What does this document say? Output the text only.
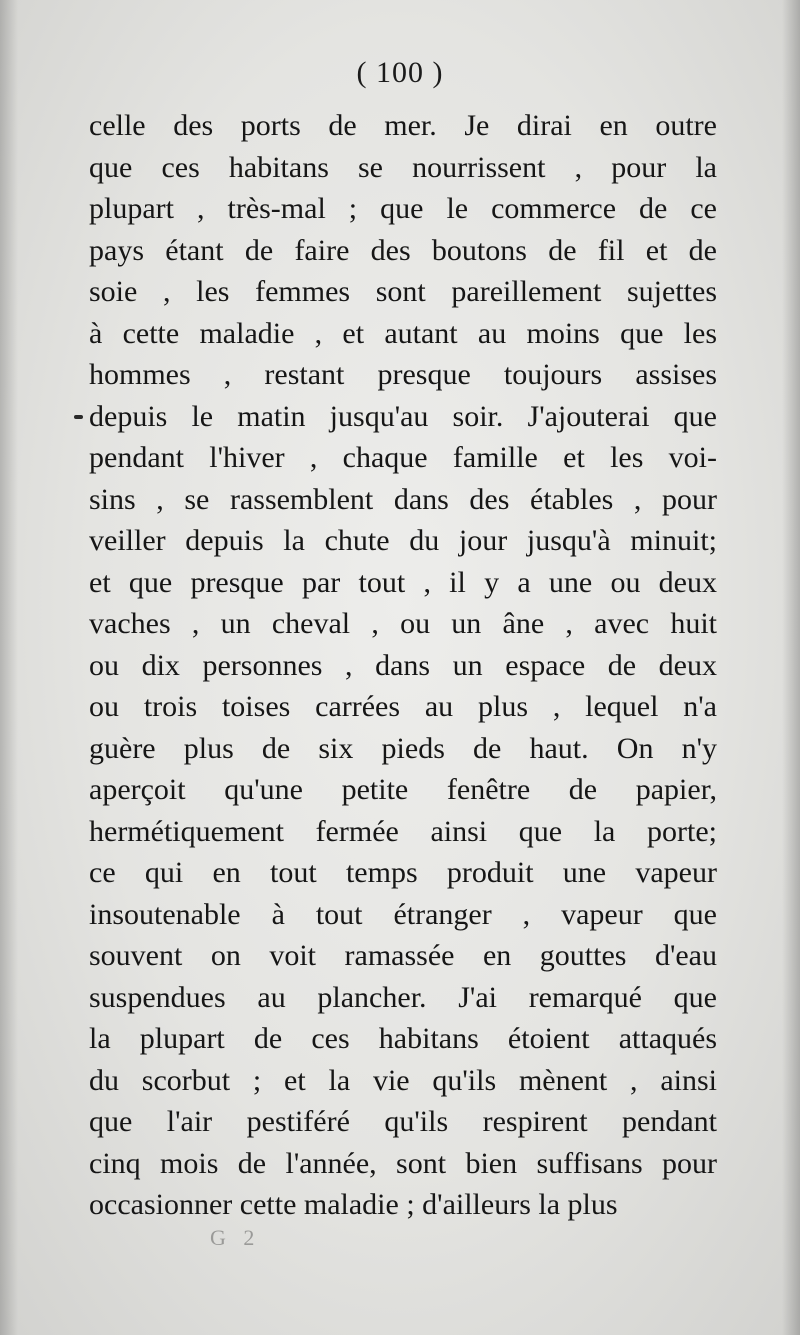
( 100 )
celle des ports de mer. Je dirai en outre
que ces habitans se nourrissent , pour la
plupart , très-mal ; que le commerce de ce
pays étant de faire des boutons de fil et de
soie , les femmes sont pareillement sujettes
à cette maladie , et autant au moins que les
hommes , restant presque toujours assises
depuis le matin jusqu'au soir. J'ajouterai que
pendant l'hiver , chaque famille et les voi-
sins , se rassemblent dans des étables , pour
veiller depuis la chute du jour jusqu'à minuit;
et que presque par tout , il y a une ou deux
vaches , un cheval , ou un âne , avec huit
ou dix personnes , dans un espace de deux
ou trois toises carrées au plus , lequel n'a
guère plus de six pieds de haut. On n'y
aperçoit qu'une petite fenêtre de papier,
hermétiquement fermée ainsi que la porte;
ce qui en tout temps produit une vapeur
insoutenable à tout étranger , vapeur que
souvent on voit ramassée en gouttes d'eau
suspendues au plancher. J'ai remarqué que
la plupart de ces habitans étoient attaqués
du scorbut ; et la vie qu'ils mènent , ainsi
que l'air pestiféré qu'ils respirent pendant
cinq mois de l'année, sont bien suffisans pour
occasionner cette maladie ; d'ailleurs la plus
G 2
